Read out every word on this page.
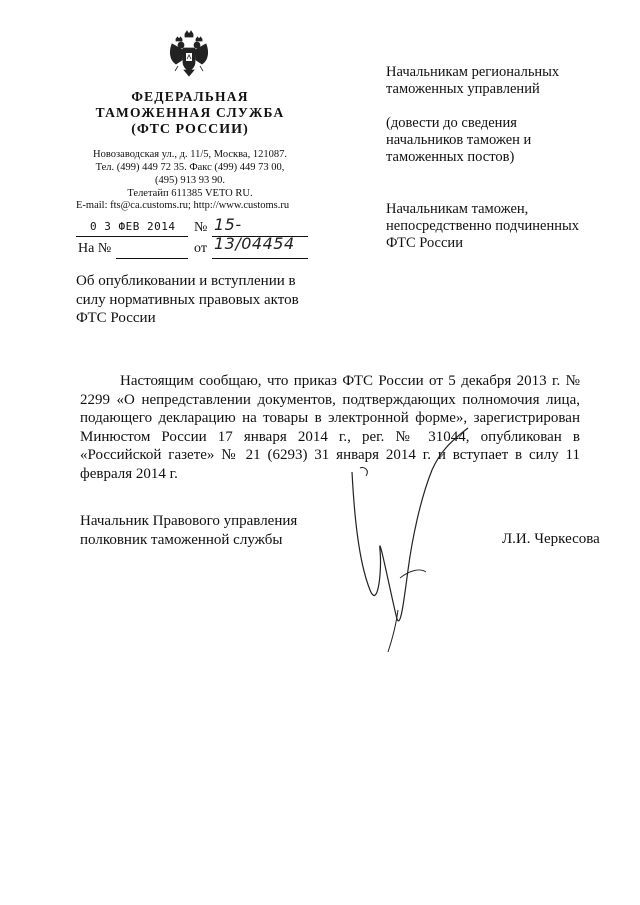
ФЕДЕРАЛЬНАЯ
ТАМОЖЕННАЯ СЛУЖБА
(ФТС РОССИИ)
Новозаводская ул., д. 11/5, Москва, 121087.
Тел. (499) 449 72 35. Факс (499) 449 73 00,
(495) 913 93 90.
Телетайп 611385 VETO RU.
E-mail: fts@ca.customs.ru; http://www.customs.ru
0 3 ФЕВ 2014 № 15-13/04454
На №	от
Начальникам региональных
таможенных управлений
(довести до сведения
начальников таможен и
таможенных постов)
Начальникам таможен,
непосредственно подчиненных
ФТС России
Об опубликовании и вступлении в
силу нормативных правовых актов
ФТС России
Настоящим сообщаю, что приказ ФТС России от 5 декабря 2013 г. № 2299 «О непредставлении документов, подтверждающих полномочия лица, подающего декларацию на товары в электронной форме», зарегистрирован Минюстом России 17 января 2014 г., рег. № 31044, опубликован в «Российской газете» № 21 (6293) 31 января 2014 г. и вступает в силу 11 февраля 2014 г.
Начальник Правового управления
полковник таможенной службы	Л.И. Черкесова
